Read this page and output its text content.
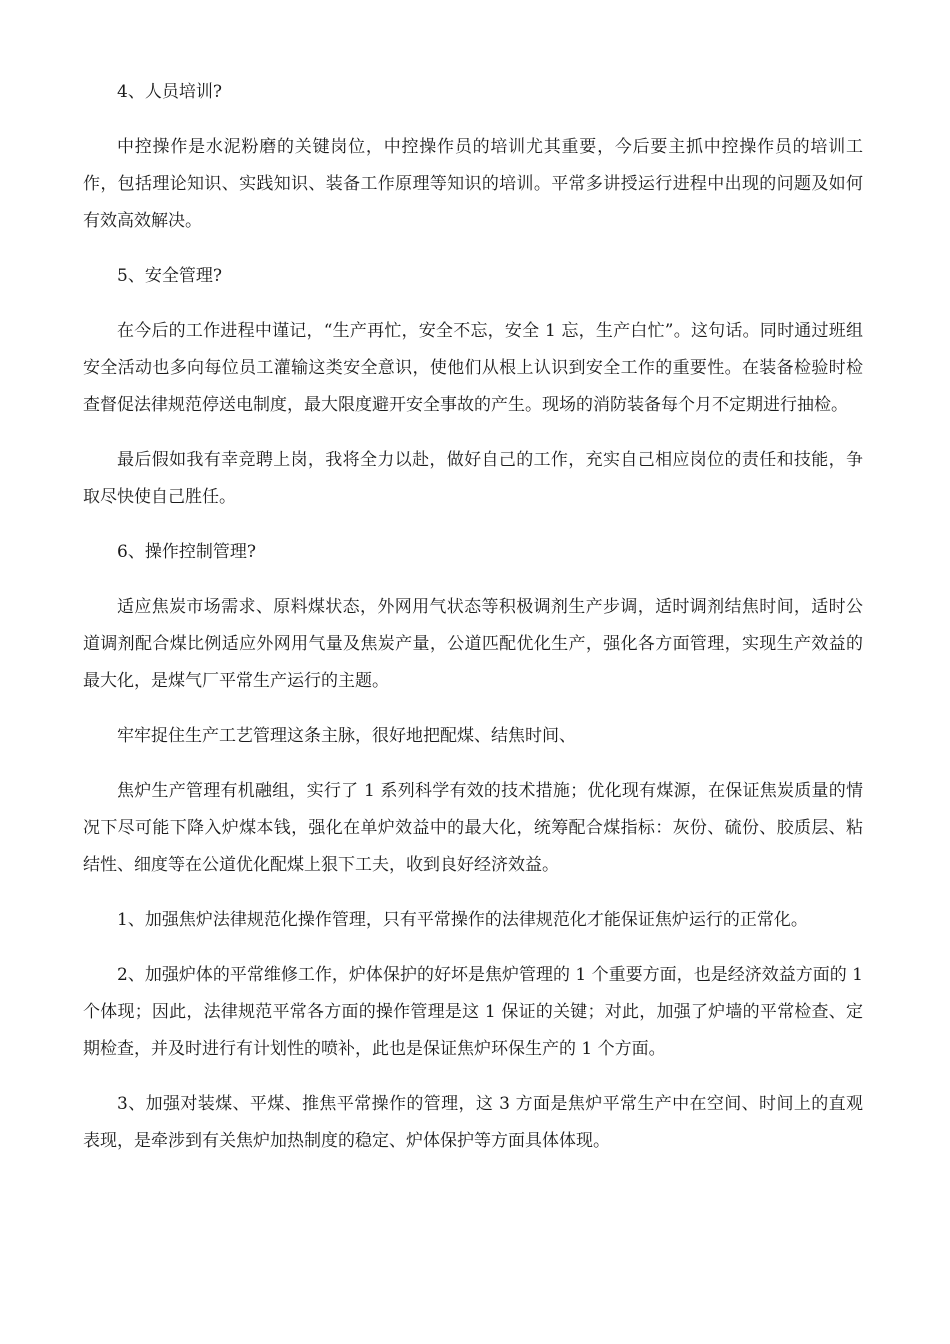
4、人员培训?

中控操作是水泥粉磨的关键岗位，中控操作员的培训尤其重要，今后要主抓中控操作员的培训工作，包括理论知识、实践知识、装备工作原理等知识的培训。平常多讲授运行进程中出现的问题及如何有效高效解决。

5、安全管理?

在今后的工作进程中谨记，“生产再忙，安全不忘，安全 1 忘，生产白忙”。这句话。同时通过班组安全活动也多向每位员工灌输这类安全意识，使他们从根上认识到安全工作的重要性。在装备检验时检查督促法律规范停送电制度，最大限度避开安全事故的产生。现场的消防装备每个月不定期进行抽检。

最后假如我有幸竞聘上岗，我将全力以赴，做好自己的工作，充实自己相应岗位的责任和技能，争取尽快使自己胜任。

6、操作控制管理?

适应焦炭市场需求、原料煤状态，外网用气状态等积极调剂生产步调，适时调剂结焦时间，适时公道调剂配合煤比例适应外网用气量及焦炭产量，公道匹配优化生产，强化各方面管理，实现生产效益的最大化，是煤气厂平常生产运行的主题。

牢牢捉住生产工艺管理这条主脉，很好地把配煤、结焦时间、

焦炉生产管理有机融组，实行了 1 系列科学有效的技术措施；优化现有煤源，在保证焦炭质量的情况下尽可能下降入炉煤本钱，强化在单炉效益中的最大化，统筹配合煤指标：灰份、硫份、胶质层、粘结性、细度等在公道优化配煤上狠下工夫，收到良好经济效益。

1、加强焦炉法律规范化操作管理，只有平常操作的法律规范化才能保证焦炉运行的正常化。

2、加强炉体的平常维修工作，炉体保护的好坏是焦炉管理的 1 个重要方面，也是经济效益方面的 1 个体现；因此，法律规范平常各方面的操作管理是这 1 保证的关键；对此，加强了炉墙的平常检查、定期检查，并及时进行有计划性的喷补，此也是保证焦炉环保生产的 1 个方面。

3、加强对装煤、平煤、推焦平常操作的管理，这 3 方面是焦炉平常生产中在空间、时间上的直观表现，是牵涉到有关焦炉加热制度的稳定、炉体保护等方面具体体现。
